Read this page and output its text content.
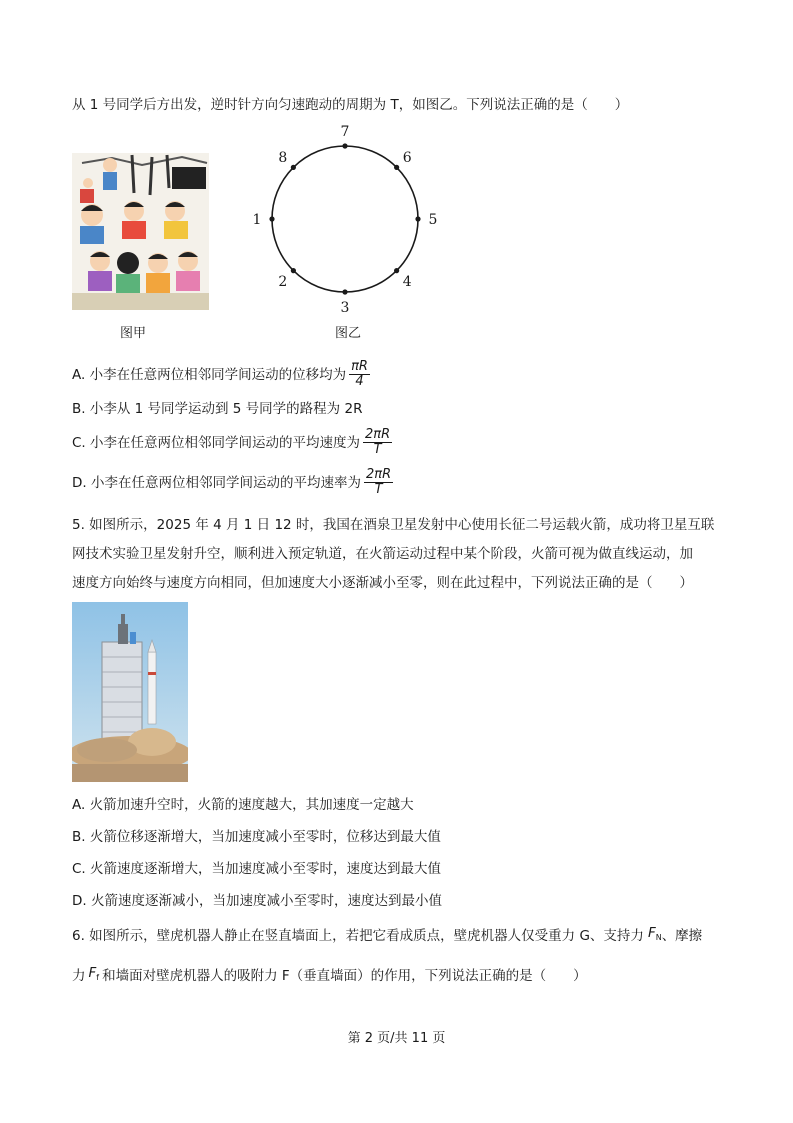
从 1 号同学后方出发，逆时针方向匀速跑动的周期为 T，如图乙。下列说法正确的是（　　）
图甲
1
2
3
4
5
6
7
8
图乙
A. 小李在任意两位相邻同学间运动的位移均为 $\frac{\pi R}{4}$
B. 小李从 1 号同学运动到 5 号同学的路程为 2R
C. 小李在任意两位相邻同学间运动的平均速度为 $\frac{2\pi R}{T}$
D. 小李在任意两位相邻同学间运动的平均速率为 $\frac{2\pi R}{T}$
5. 如图所示，2025 年 4 月 1 日 12 时，我国在酒泉卫星发射中心使用长征二号运载火箭，成功将卫星互联
网技术实验卫星发射升空，顺利进入预定轨道，在火箭运动过程中某个阶段，火箭可视为做直线运动，加
速度方向始终与速度方向相同，但加速度大小逐渐减小至零，则在此过程中，下列说法正确的是（　　）
A. 火箭加速升空时，火箭的速度越大，其加速度一定越大
B. 火箭位移逐渐增大，当加速度减小至零时，位移达到最大值
C. 火箭速度逐渐增大，当加速度减小至零时，速度达到最大值
D. 火箭速度逐渐减小，当加速度减小至零时，速度达到最小值
6. 如图所示，壁虎机器人静止在竖直墙面上，若把它看成质点，壁虎机器人仅受重力 G、支持力 $F_N$ 、摩擦
力 $F_f$ 和墙面对壁虎机器人的吸附力 F（垂直墙面）的作用，下列说法正确的是（　　）
第 2 页/共 11 页
